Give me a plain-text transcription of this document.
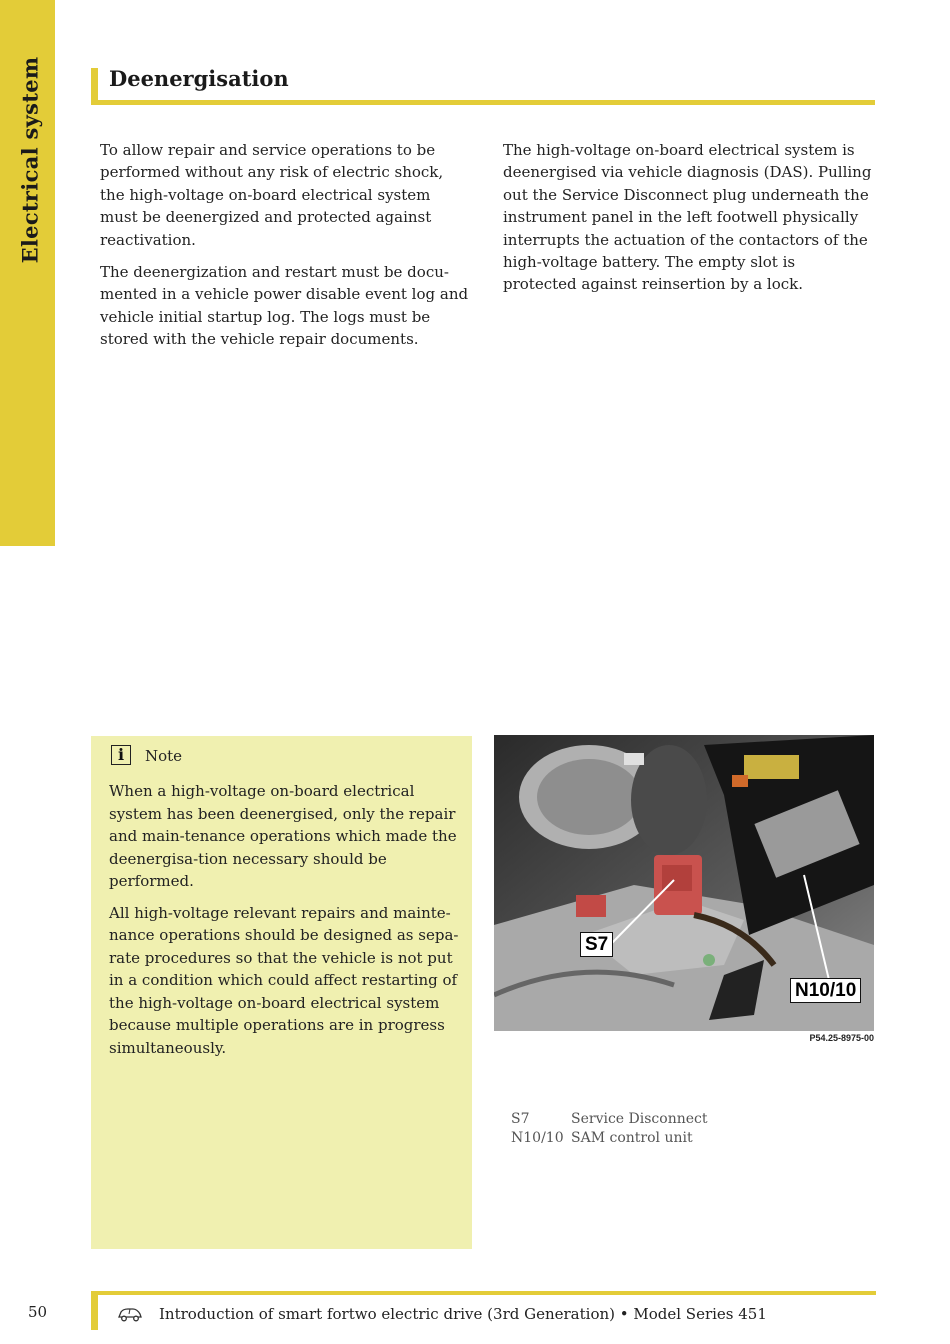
Electrical system	Deenergisation

To allow repair and service operations to be performed without any risk of electric shock, the high-voltage on-board electrical system must be deenergized and protected against reactivation.

The deenergization and restart must be docu-mented in a vehicle power disable event log and vehicle initial startup log. The logs must be stored with the vehicle repair documents.

The high-voltage on-board electrical system is deenergised via vehicle diagnosis (DAS). Pulling out the Service Disconnect plug underneath the instrument panel in the left footwell physically interrupts the actuation of the contactors of the high-voltage battery. The empty slot is protected against reinsertion by a lock.

i	Note

When a high-voltage on-board electrical system has been deenergised, only the repair and main-tenance operations which made the deenergisa-tion necessary should be performed.

All high-voltage relevant repairs and mainte-nance operations should be designed as sepa-rate procedures so that the vehicle is not put in a condition which could affect restarting of the high-voltage on-board electrical system because multiple operations are in progress simultaneously.

S7
N10/10
P54.25-8975-00
S7	Service Disconnect
N10/10 SAM control unit
50	Introduction of smart fortwo electric drive (3rd Generation) • Model Series 451
